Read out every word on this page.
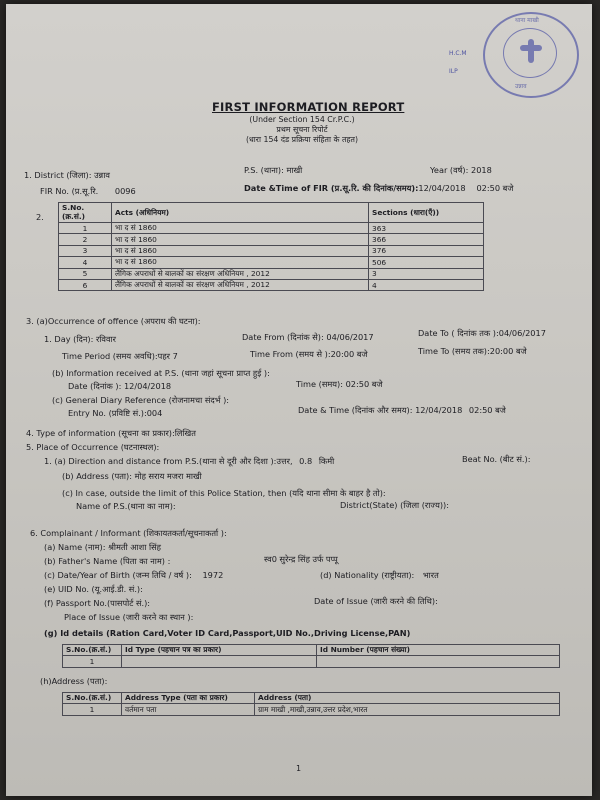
थाना माखी
उन्नाव
H.C.M
ILP
FIRST INFORMATION REPORT
(Under Section 154 Cr.P.C.)
प्रथम सूचना रिपोर्ट
(धारा 154 दंड प्रक्रिया संहिता के तहत)
1. District (जिला): उन्नाव	P.S. (थाना): माखी	Year (वर्ष): 2018
FIR No. (प्र.सू.रि. 0096	Date &Time of FIR (प्र.सू.रि. की दिनांक/समय):12/04/2018 02:50 बजे
2.
S.No. (क्र.सं.)	Acts (अधिनियम)	Sections (धारा(एँ))
1	भा द सं 1860	363
2	भा द सं 1860	366
3	भा द सं 1860	376
4	भा द सं 1860	506
5	लैंगिक अपराधों से बालकों का संरक्षण अधिनियम , 2012	3
6	लैंगिक अपराधों से बालकों का संरक्षण अधिनियम , 2012	4
3. (a)Occurrence of offence (अपराध की घटना):
1. Day (दिन): रविवार	Date From (दिनांक से): 04/06/2017	Date To ( दिनांक तक ):04/06/2017
Time Period (समय अवधि):पहर 7	Time From (समय से ):20:00 बजे	Time To (समय तक):20:00 बजे
(b) Information received at P.S. (थाना जहां सूचना प्राप्त हुई ):
Date (दिनांक ): 12/04/2018	Time (समय): 02:50 बजे
(c) General Diary Reference (रोजनामचा संदर्भ ):
Entry No. (प्रविष्टि सं.):004	Date & Time (दिनांक और समय): 12/04/2018 02:50 बजे
4. Type of information (सूचना का प्रकार):लिखित
5. Place of Occurrence (घटनास्थल):
1. (a) Direction and distance from P.S.(थाना से दूरी और दिशा ):उत्तर, 0.8 किमी	Beat No. (बीट सं.):
(b) Address (पता): मोह सराय मजरा माखी
(c) In case, outside the limit of this Police Station, then (यदि थाना सीमा के बाहर है तो):
Name of P.S.(थाना का नाम):	District(State) (जिला (राज्य)):
6. Complainant / Informant (शिकायतकर्ता/सूचनाकर्ता ):
(a) Name (नाम): श्रीमती आशा सिंह
(b) Father's Name (पिता का नाम) :	स्व0 सुरेन्द्र सिंह उर्फ पप्पू
(c) Date/Year of Birth (जन्म तिथि / वर्ष ): 1972	(d) Nationality (राष्ट्रीयता): भारत
(e) UID No. (यू.आई.डी. सं.):
(f) Passport No.(पासपोर्ट सं.):	Date of Issue (जारी करने की तिथि):
Place of Issue (जारी करने का स्थान ):
(g) Id details (Ration Card,Voter ID Card,Passport,UID No.,Driving License,PAN)
S.No.(क्र.सं.)	Id Type (पहचान पत्र का प्रकार)	Id Number (पहचान संख्या)
1		
(h)Address (पता):
S.No.(क्र.सं.)	Address Type (पता का प्रकार)	Address (पता)
1	वर्तमान पता	ग्राम माखी ,माखी,उन्नाव,उत्तर प्रदेश,भारत
1
